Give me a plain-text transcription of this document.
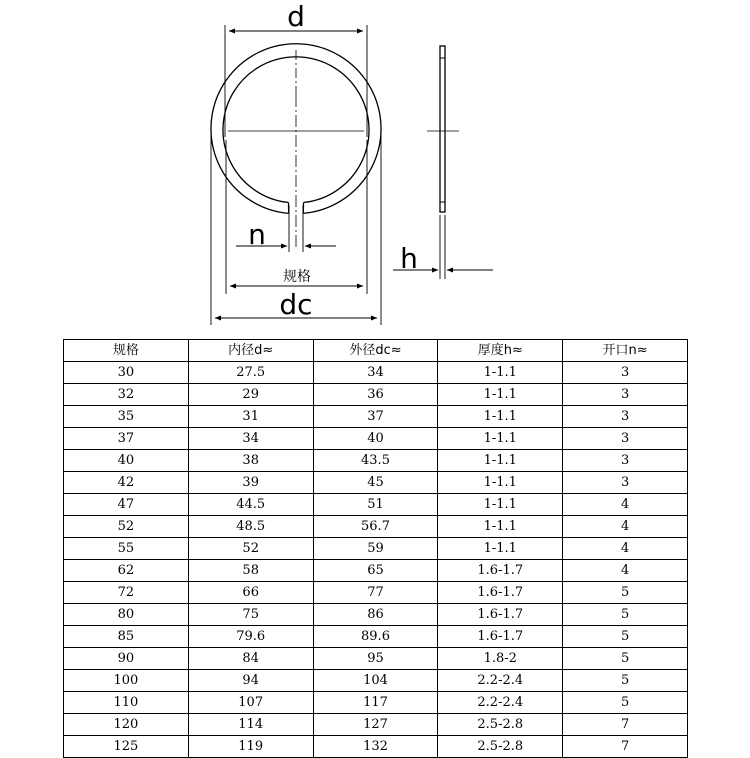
d
n
规格
dc
h
规格	内径d≈	外径dc≈	厚度h≈	开口n≈
30	27.5	34	1-1.1	3
32	29	36	1-1.1	3
35	31	37	1-1.1	3
37	34	40	1-1.1	3
40	38	43.5	1-1.1	3
42	39	45	1-1.1	3
47	44.5	51	1-1.1	4
52	48.5	56.7	1-1.1	4
55	52	59	1-1.1	4
62	58	65	1.6-1.7	4
72	66	77	1.6-1.7	5
80	75	86	1.6-1.7	5
85	79.6	89.6	1.6-1.7	5
90	84	95	1.8-2	5
100	94	104	2.2-2.4	5
110	107	117	2.2-2.4	5
120	114	127	2.5-2.8	7
125	119	132	2.5-2.8	7
